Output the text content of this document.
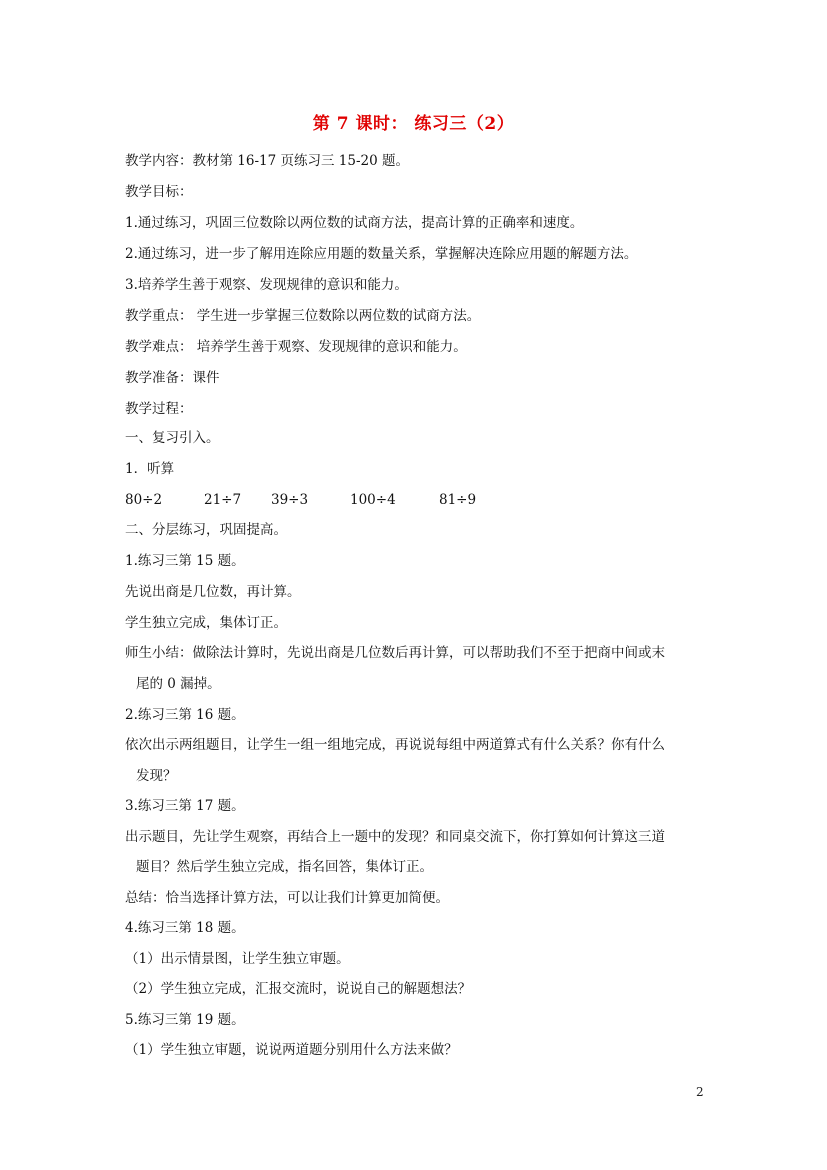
第 7 课时： 练习三（2）
教学内容：教材第 16-17 页练习三 15-20 题。
教学目标：
1.通过练习，巩固三位数除以两位数的试商方法，提高计算的正确率和速度。
2.通过练习，进一步了解用连除应用题的数量关系，掌握解决连除应用题的解题方法。
3.培养学生善于观察、发现规律的意识和能力。
教学重点： 学生进一步掌握三位数除以两位数的试商方法。
教学难点： 培养学生善于观察、发现规律的意识和能力。
教学准备：课件
教学过程：
一、复习引入。
1．听算
80÷2	21÷7 39÷3	100÷4	81÷9
二、分层练习，巩固提高。
1.练习三第 15 题。
先说出商是几位数，再计算。
学生独立完成，集体订正。
师生小结：做除法计算时，先说出商是几位数后再计算，可以帮助我们不至于把商中间或末
尾的 0 漏掉。
2.练习三第 16 题。
依次出示两组题目，让学生一组一组地完成，再说说每组中两道算式有什么关系？你有什么
发现？
3.练习三第 17 题。
出示题目，先让学生观察，再结合上一题中的发现？和同桌交流下，你打算如何计算这三道
题目？然后学生独立完成，指名回答，集体订正。
总结：恰当选择计算方法，可以让我们计算更加简便。
4.练习三第 18 题。
（1）出示情景图，让学生独立审题。
（2）学生独立完成，汇报交流时，说说自己的解题想法？
5.练习三第 19 题。
（1）学生独立审题，说说两道题分别用什么方法来做？
2
